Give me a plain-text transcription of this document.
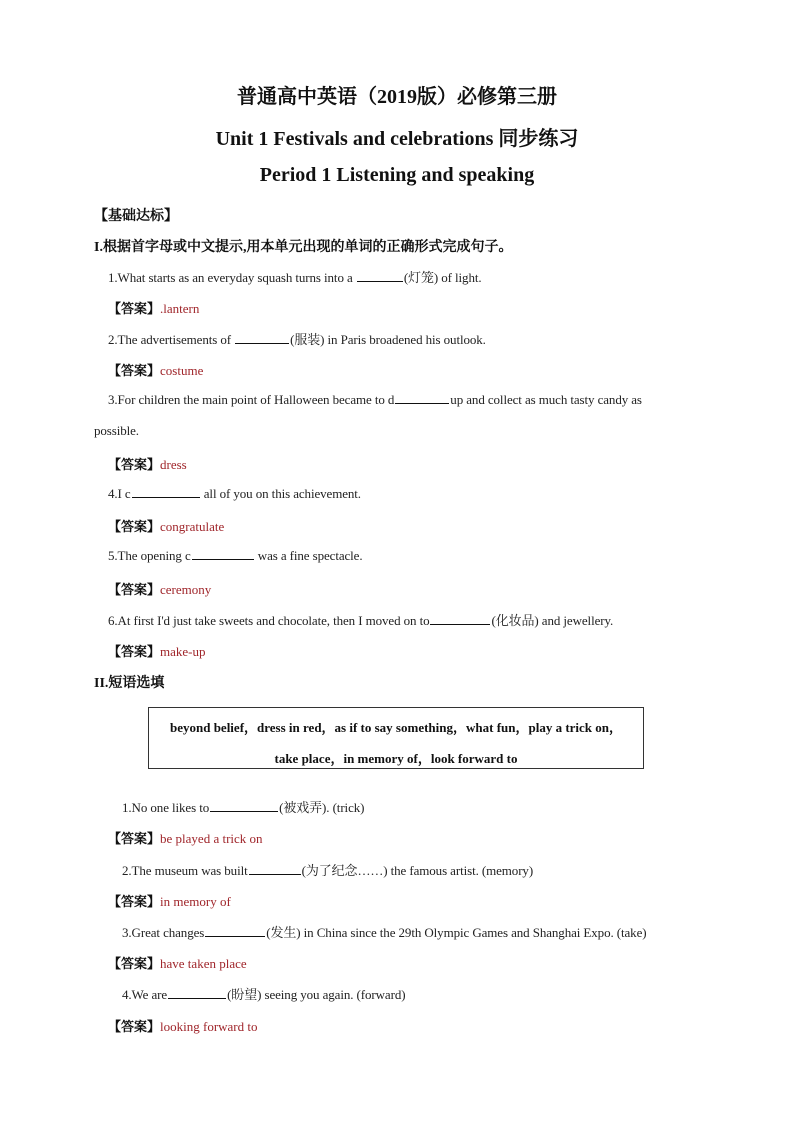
普通高中英语（2019版）必修第三册
Unit 1 Festivals and celebrations 同步练习
Period 1 Listening and speaking
【基础达标】
I.根据首字母或中文提示,用本单元出现的单词的正确形式完成句子。
1.What starts as an everyday squash turns into a	(灯笼) of light.
【答案】.lantern
2.The advertisements of	(服装) in Paris broadened his outlook.
【答案】costume
3.For children the main point of Halloween became to d	up and collect as much tasty candy as
possible.
【答案】dress
4.I c	all of you on this achievement.
【答案】congratulate
5.The opening c	was a fine spectacle.
【答案】ceremony
6.At first I'd just take sweets and chocolate, then I moved on to	(化妆品) and jewellery.
【答案】make-up
II.短语选填
beyond belief，dress in red，as if to say something，what fun，play a trick on，
take place，in memory of，look forward to
1.No one likes to	(被戏弄). (trick)
【答案】be played a trick on
2.The museum was built	(为了纪念……) the famous artist. (memory)
【答案】in memory of
3.Great changes	(发生) in China since the 29th Olympic Games and Shanghai Expo. (take)
【答案】have taken place
4.We are	(盼望) seeing you again. (forward)
【答案】looking forward to
